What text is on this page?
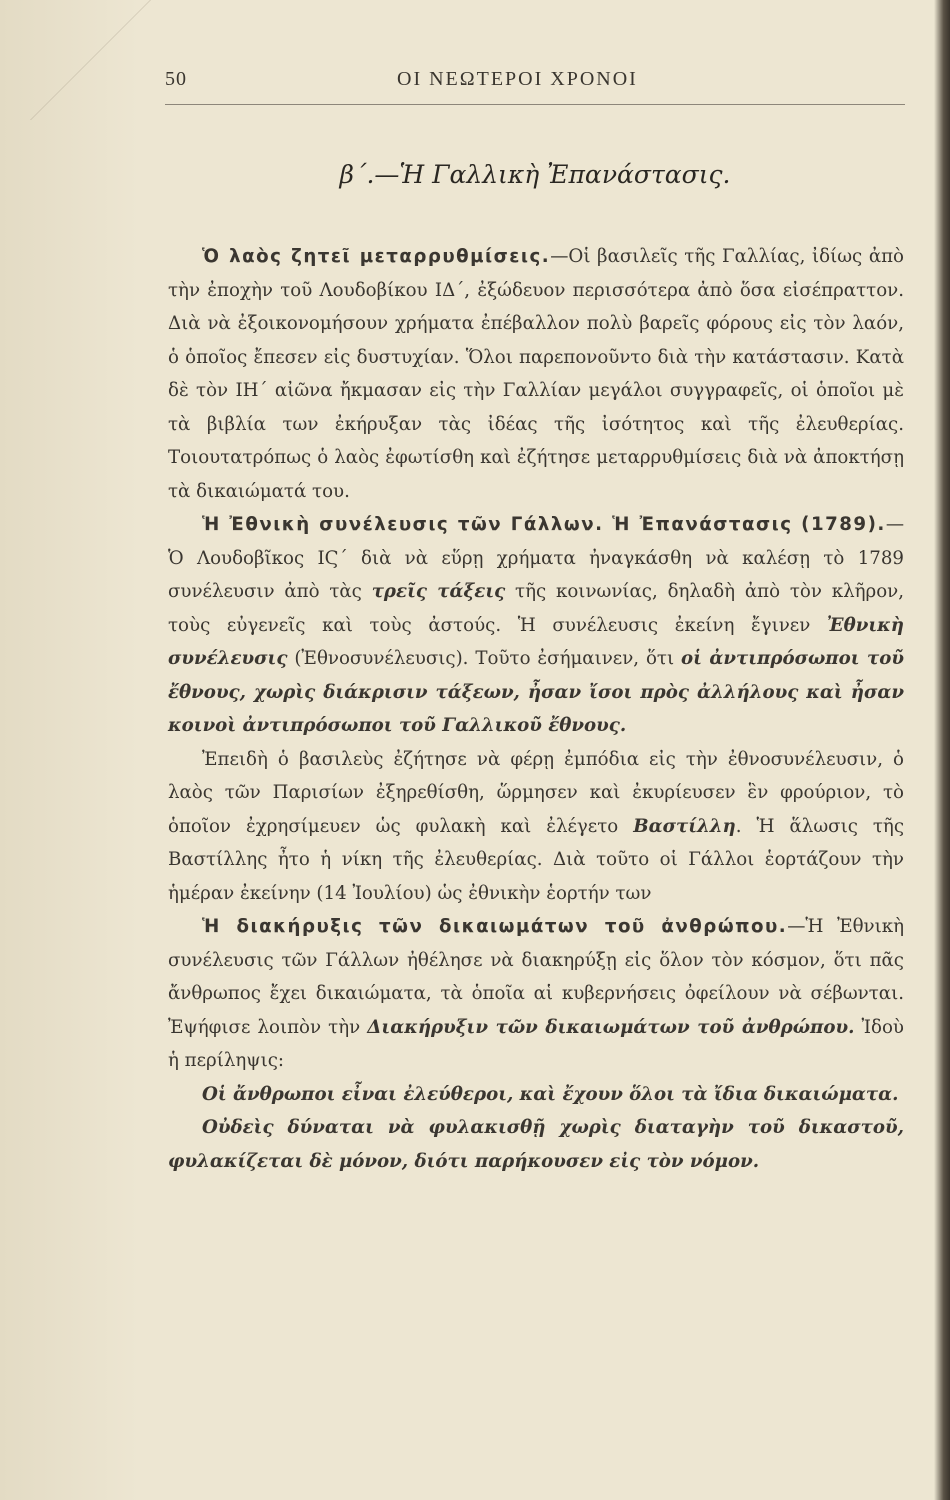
50	ΟΙ ΝΕΩΤΕΡΟΙ ΧΡΟΝΟΙ
β΄.—Ἡ Γαλλικὴ Ἐπανάστασις.

Ὁ λαὸς ζητεῖ μεταρρυθμίσεις.—Οἱ βασιλεῖς τῆς Γαλλίας, ἰδίως ἀπὸ τὴν ἐποχὴν τοῦ Λουδοβίκου ΙΔ΄, ἐξώδευον περισσότερα ἀπὸ ὅσα εἰσέπραττον. Διὰ νὰ ἐξοικονομήσουν χρήματα ἐπέβαλλον πολὺ βαρεῖς φόρους εἰς τὸν λαόν, ὁ ὁποῖος ἔπεσεν εἰς δυστυχίαν. Ὅλοι παρεπονοῦντο διὰ τὴν κατάστασιν. Κατὰ δὲ τὸν ΙΗ΄ αἰῶνα ἤκμασαν εἰς τὴν Γαλλίαν μεγάλοι συγγραφεῖς, οἱ ὁποῖοι μὲ τὰ βιβλία των ἐκήρυξαν τὰς ἰδέας τῆς ἰσότητος καὶ τῆς ἐλευθερίας. Τοιουτατρόπως ὁ λαὸς ἐφωτίσθη καὶ ἐζήτησε μεταρρυθμίσεις διὰ νὰ ἀποκτήσῃ τὰ δικαιώματά του.

Ἡ Ἐθνικὴ συνέλευσις τῶν Γάλλων. Ἡ Ἐπανάστασις (1789).—Ὁ Λουδοβῖκος ΙϚ΄ διὰ νὰ εὕρῃ χρήματα ἠναγκάσθη νὰ καλέσῃ τὸ 1789 συνέλευσιν ἀπὸ τὰς τρεῖς τάξεις τῆς κοινωνίας, δηλαδὴ ἀπὸ τὸν κλῆρον, τοὺς εὐγενεῖς καὶ τοὺς ἀστούς. Ἡ συνέλευσις ἐκείνη ἔγινεν Ἐθνικὴ συνέλευσις (Ἐθνοσυνέλευσις). Τοῦτο ἐσήμαινεν, ὅτι οἱ ἀντιπρόσωποι τοῦ ἔθνους, χωρὶς διάκρισιν τάξεων, ἦσαν ἴσοι πρὸς ἀλλήλους καὶ ἦσαν κοινοὶ ἀντιπρόσωποι τοῦ Γαλλικοῦ ἔθνους.

Ἐπειδὴ ὁ βασιλεὺς ἐζήτησε νὰ φέρῃ ἐμπόδια εἰς τὴν ἐθνοσυνέλευσιν, ὁ λαὸς τῶν Παρισίων ἐξηρεθίσθη, ὥρμησεν καὶ ἐκυρίευσεν ἓν φρούριον, τὸ ὁποῖον ἐχρησίμευεν ὡς φυλακὴ καὶ ἐλέγετο Βαστίλλη. Ἡ ἅλωσις τῆς Βαστίλλης ἦτο ἡ νίκη τῆς ἐλευθερίας. Διὰ τοῦτο οἱ Γάλλοι ἑορτάζουν τὴν ἡμέραν ἐκείνην (14 Ἰουλίου) ὡς ἐθνικὴν ἑορτήν των

Ἡ διακήρυξις τῶν δικαιωμάτων τοῦ ἀνθρώπου.—Ἡ Ἐθνικὴ συνέλευσις τῶν Γάλλων ἠθέλησε νὰ διακηρύξῃ εἰς ὅλον τὸν κόσμον, ὅτι πᾶς ἄνθρωπος ἔχει δικαιώματα, τὰ ὁποῖα αἱ κυβερνήσεις ὀφείλουν νὰ σέβωνται. Ἐψήφισε λοιπὸν τὴν Διακήρυξιν τῶν δικαιωμάτων τοῦ ἀνθρώπου. Ἰδοὺ ἡ περίληψις:

Οἱ ἄνθρωποι εἶναι ἐλεύθεροι, καὶ ἔχουν ὅλοι τὰ ἴδια δικαιώματα.

Οὐδεὶς δύναται νὰ φυλακισθῇ χωρὶς διαταγὴν τοῦ δικαστοῦ, φυλακίζεται δὲ μόνον, διότι παρήκουσεν εἰς τὸν νόμον.
